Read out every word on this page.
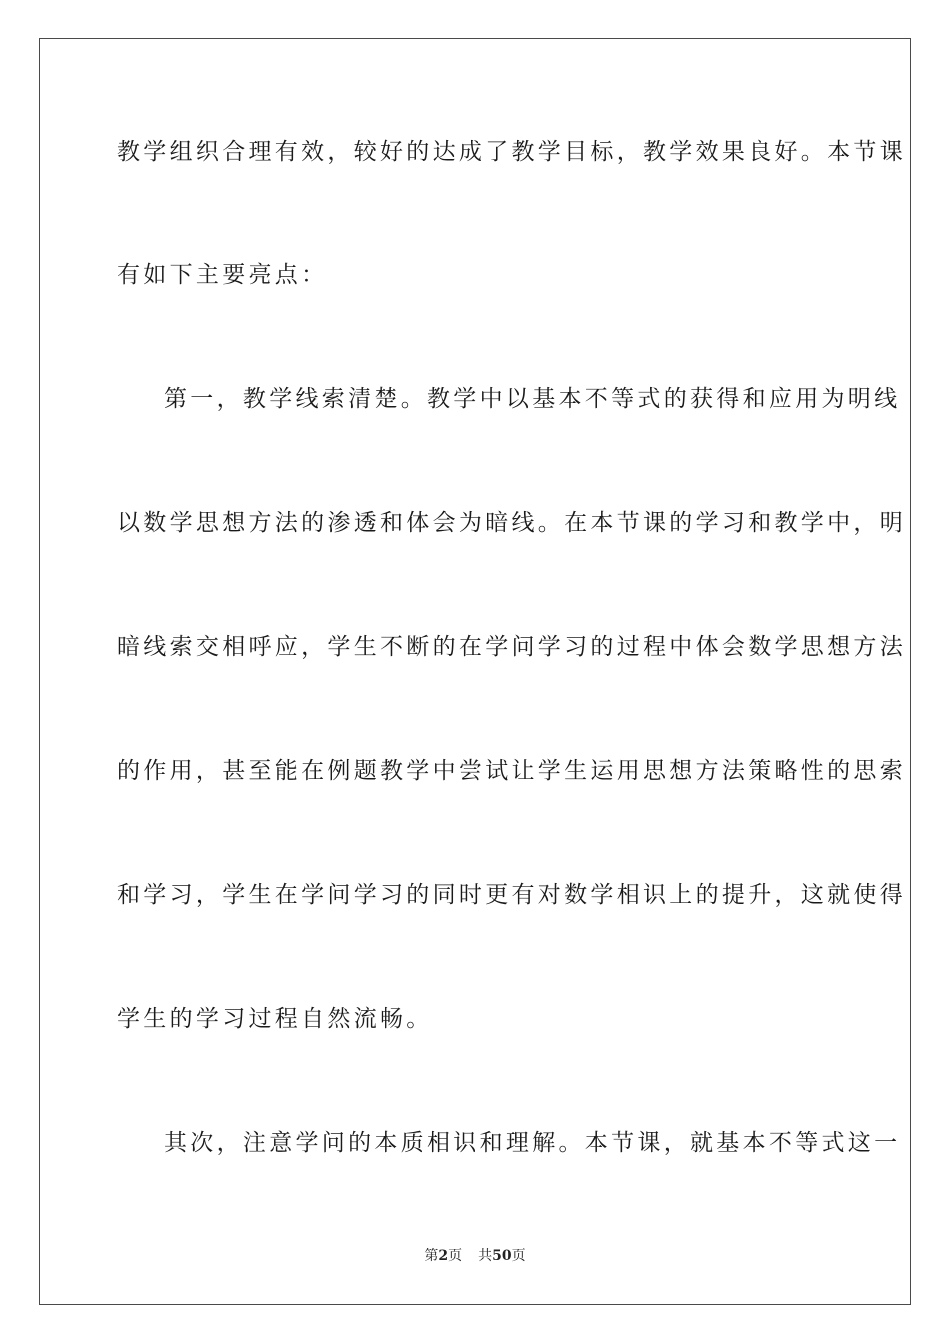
教学组织合理有效，较好的达成了教学目标，教学效果良好。本节课
有如下主要亮点：
第一，教学线索清楚。教学中以基本不等式的获得和应用为明线
以数学思想方法的渗透和体会为暗线。在本节课的学习和教学中，明
暗线索交相呼应，学生不断的在学问学习的过程中体会数学思想方法
的作用，甚至能在例题教学中尝试让学生运用思想方法策略性的思索
和学习，学生在学问学习的同时更有对数学相识上的提升，这就使得
学生的学习过程自然流畅。
其次，注意学问的本质相识和理解。本节课，就基本不等式这一
第2页 共50页
